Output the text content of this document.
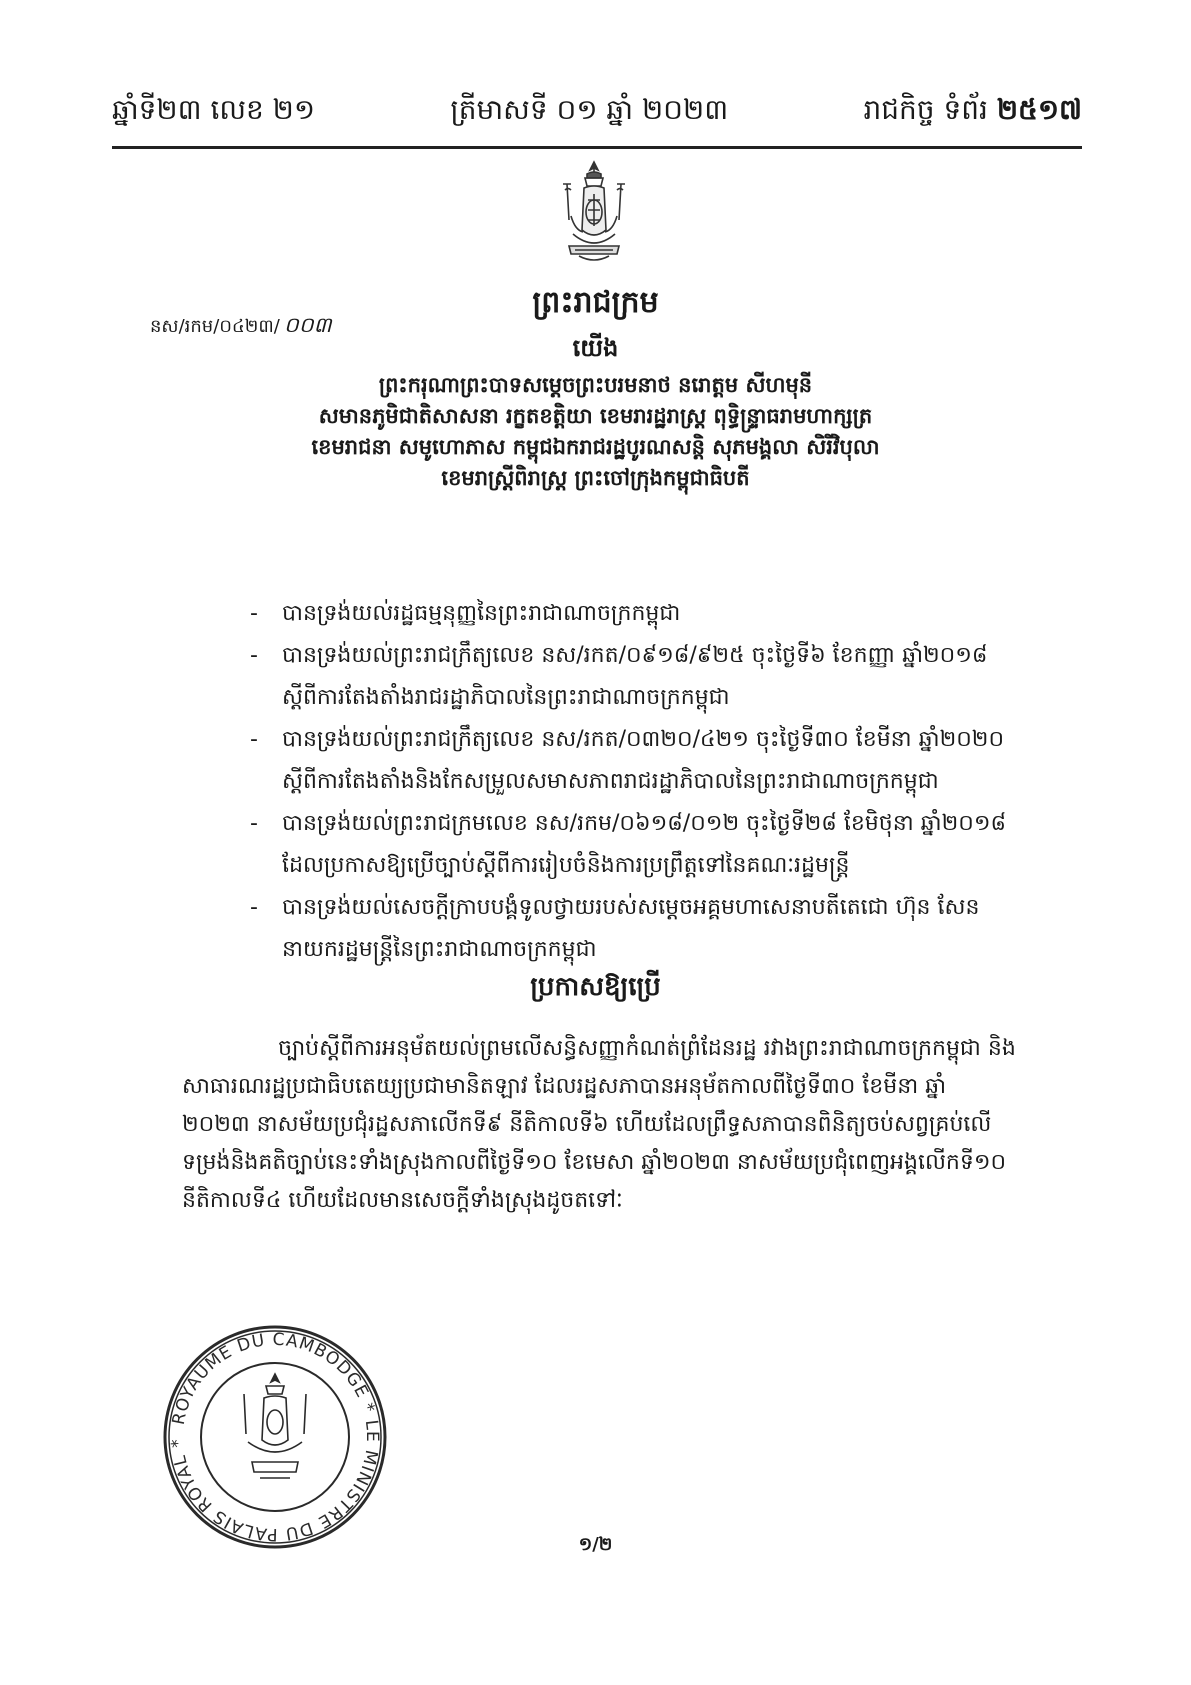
ឆ្នាំទី២៣ លេខ ២១	ត្រីមាសទី ០១ ឆ្នាំ ២០២៣	រាជកិច្ច ទំព័រ ២៥១៧
ព្រះរាជក្រម
នស/រកម/០៤២៣/ ០០៣
យើង
ព្រះករុណាព្រះបាទសម្តេចព្រះបរមនាថ នរោត្តម សីហមុនី
សមានភូមិជាតិសាសនា រក្ខតខត្តិយា ខេមរារដ្ឋរាស្ត្រ ពុទ្ធិន្ទ្រាធរាមហាក្សត្រ
ខេមរាជនា សមូហោភាស កម្ពុជឯករាជរដ្ឋបូរណសន្តិ សុភមង្គលា សិរីវិបុលា
ខេមរាស្ត្រីពិរាស្ត្រ ព្រះចៅក្រុងកម្ពុជាធិបតី
- បានទ្រង់យល់រដ្ឋធម្មនុញ្ញនៃព្រះរាជាណាចក្រកម្ពុជា
- បានទ្រង់យល់ព្រះរាជក្រឹត្យលេខ នស/រកត/០៩១៨/៩២៥ ចុះថ្ងៃទី៦ ខែកញ្ញា ឆ្នាំ២០១៨
ស្តីពីការតែងតាំងរាជរដ្ឋាភិបាលនៃព្រះរាជាណាចក្រកម្ពុជា
- បានទ្រង់យល់ព្រះរាជក្រឹត្យលេខ នស/រកត/០៣២០/៤២១ ចុះថ្ងៃទី៣០ ខែមីនា ឆ្នាំ២០២០
ស្តីពីការតែងតាំងនិងកែសម្រួលសមាសភាពរាជរដ្ឋាភិបាលនៃព្រះរាជាណាចក្រកម្ពុជា
- បានទ្រង់យល់ព្រះរាជក្រមលេខ នស/រកម/០៦១៨/០១២ ចុះថ្ងៃទី២៨ ខែមិថុនា ឆ្នាំ២០១៨
ដែលប្រកាសឱ្យប្រើច្បាប់ស្តីពីការរៀបចំនិងការប្រព្រឹត្តទៅនៃគណៈរដ្ឋមន្ត្រី
- បានទ្រង់យល់សេចក្តីក្រាបបង្គំទូលថ្វាយរបស់សម្តេចអគ្គមហាសេនាបតីតេជោ ហ៊ុន សែន
នាយករដ្ឋមន្ត្រីនៃព្រះរាជាណាចក្រកម្ពុជា
ប្រកាសឱ្យប្រើ

ច្បាប់ស្តីពីការអនុម័តយល់ព្រមលើសន្ធិសញ្ញាកំណត់ព្រំដែនរដ្ឋ រវាងព្រះរាជាណាចក្រកម្ពុជា និងសាធារណរដ្ឋប្រជាធិបតេយ្យប្រជាមានិតឡាវ ដែលរដ្ឋសភាបានអនុម័តកាលពីថ្ងៃទី៣០ ខែមីនា ឆ្នាំ ២០២៣ នាសម័យប្រជុំរដ្ឋសភាលើកទី៩ នីតិកាលទី៦ ហើយដែលព្រឹទ្ធសភាបានពិនិត្យចប់សព្វគ្រប់លើ ទម្រង់និងគតិច្បាប់នេះទាំងស្រុងកាលពីថ្ងៃទី១០ ខែមេសា ឆ្នាំ២០២៣ នាសម័យប្រជុំពេញអង្គលើកទី១០ នីតិកាលទី៤ ហើយដែលមានសេចក្តីទាំងស្រុងដូចតទៅៈ

ROYAUME DU CAMBODGE * LE MINISTRE DU PALAIS ROYAL *
១/២
